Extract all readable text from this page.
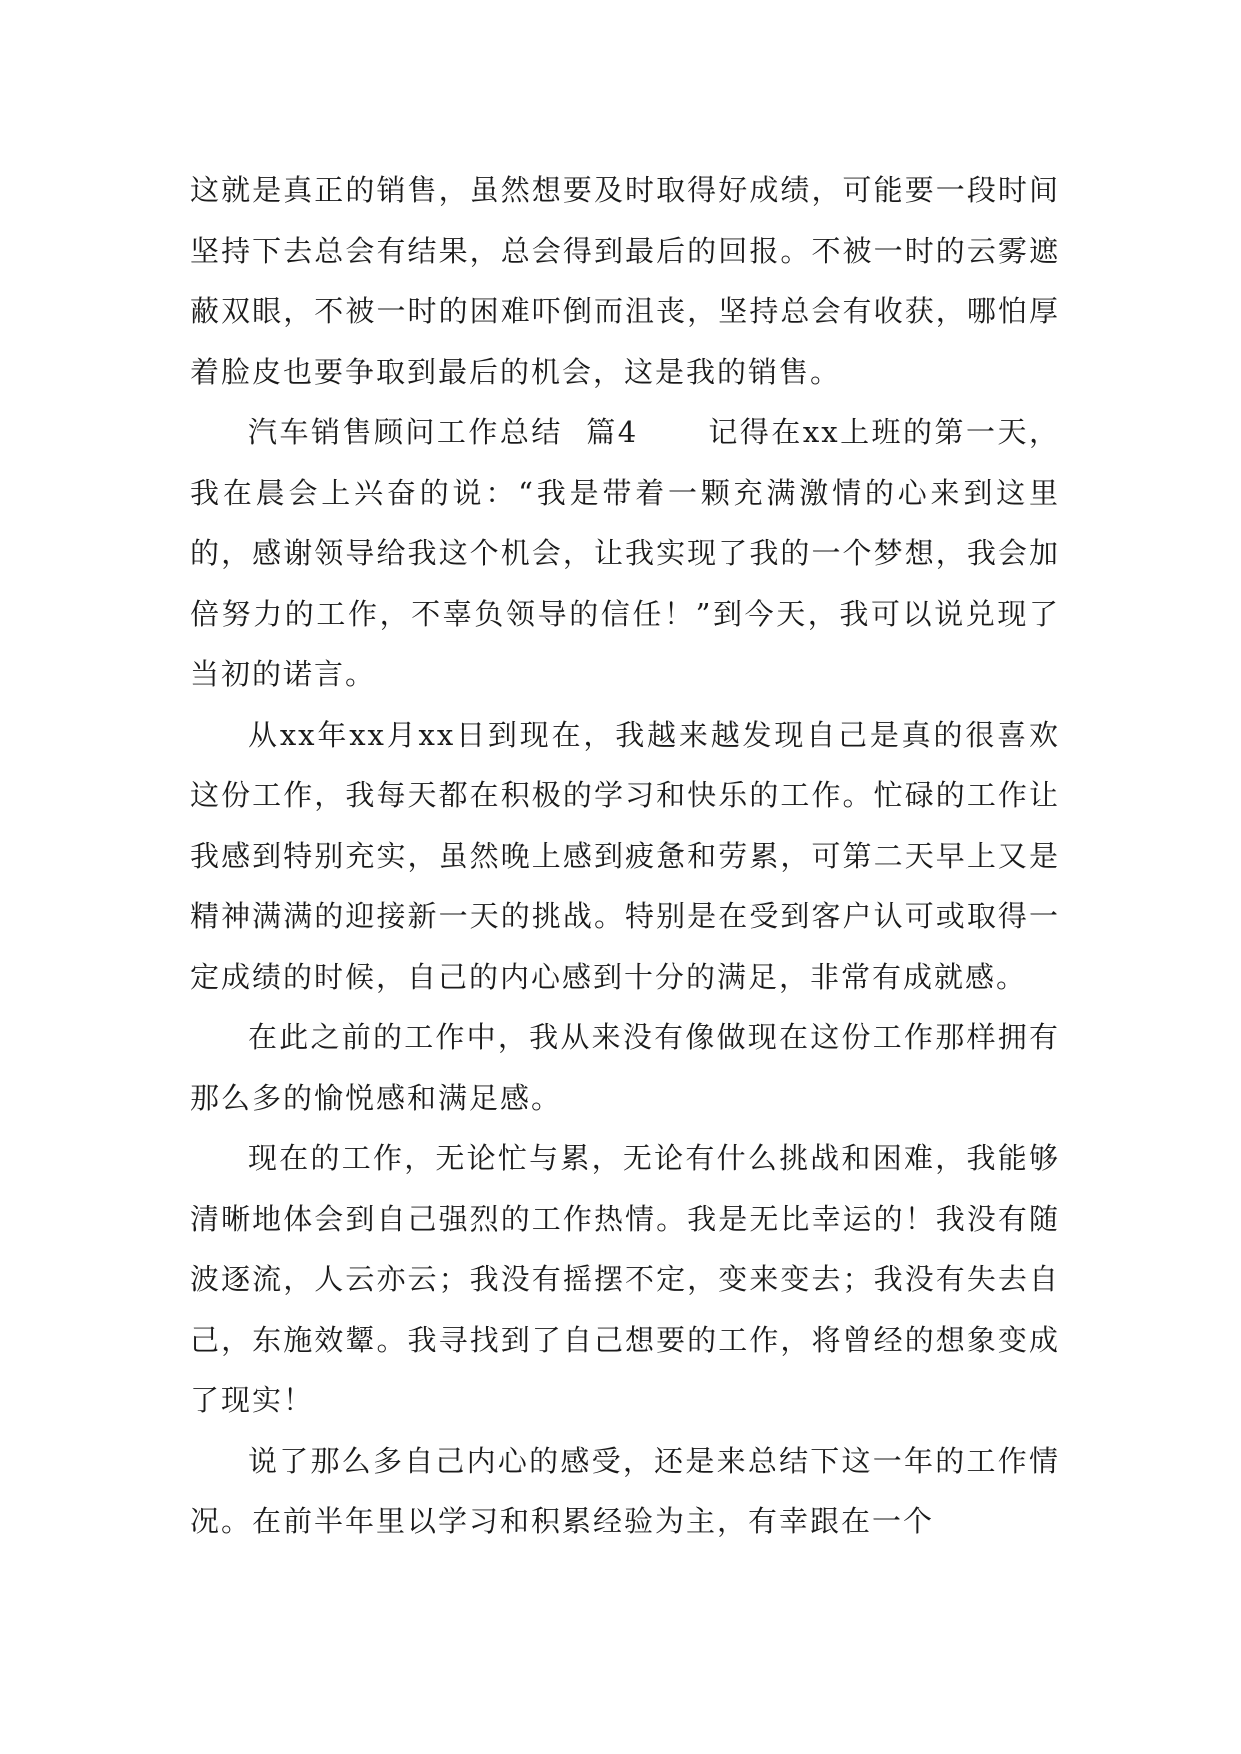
这就是真正的销售，虽然想要及时取得好成绩，可能要一段时间坚持下去总会有结果，总会得到最后的回报。不被一时的云雾遮蔽双眼，不被一时的困难吓倒而沮丧，坚持总会有收获，哪怕厚着脸皮也要争取到最后的机会，这是我的销售。

汽车销售顾问工作总结  篇4      记得在xx上班的第一天，我在晨会上兴奋的说：“我是带着一颗充满激情的心来到这里的，感谢领导给我这个机会，让我实现了我的一个梦想，我会加倍努力的工作，不辜负领导的信任！”到今天，我可以说兑现了当初的诺言。

从xx年xx月xx日到现在，我越来越发现自己是真的很喜欢这份工作，我每天都在积极的学习和快乐的工作。忙碌的工作让我感到特别充实，虽然晚上感到疲惫和劳累，可第二天早上又是精神满满的迎接新一天的挑战。特别是在受到客户认可或取得一定成绩的时候，自己的内心感到十分的满足，非常有成就感。

在此之前的工作中，我从来没有像做现在这份工作那样拥有那么多的愉悦感和满足感。

现在的工作，无论忙与累，无论有什么挑战和困难，我能够清晰地体会到自己强烈的工作热情。我是无比幸运的！我没有随波逐流，人云亦云；我没有摇摆不定，变来变去；我没有失去自己，东施效颦。我寻找到了自己想要的工作，将曾经的想象变成了现实！

说了那么多自己内心的感受，还是来总结下这一年的工作情况。在前半年里以学习和积累经验为主，有幸跟在一个
